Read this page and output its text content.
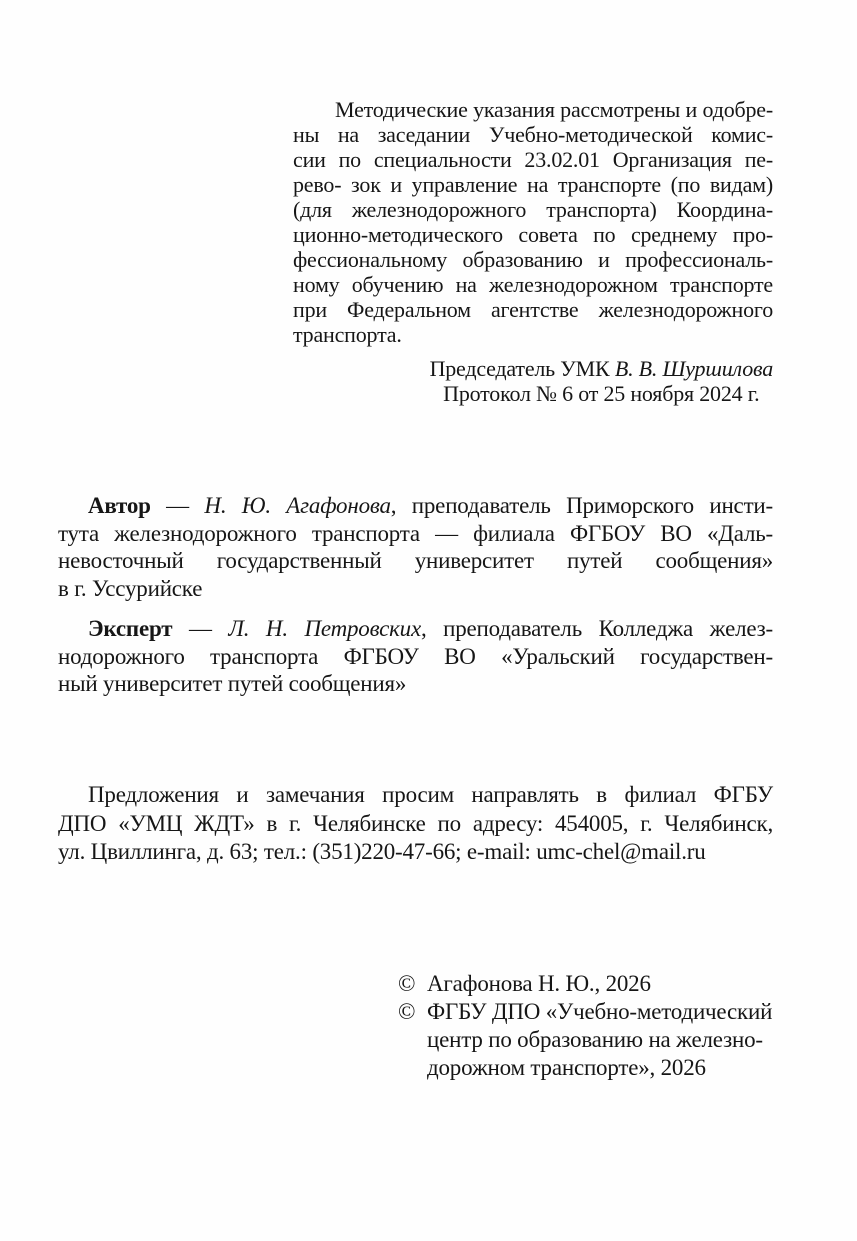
Методические указания рассмотрены и одобре-
ны на заседании Учебно-методической комис-
сии по специальности 23.02.01 Организация пе-
рево- зок и управление на транспорте (по видам)
(для железнодорожного транспорта) Координа-
ционно-методического совета по среднему про-
фессиональному образованию и профессиональ-
ному обучению на железнодорожном транспорте
при Федеральном агентстве железнодорожного
транспорта.
Председатель УМК В. В. Шуршилова
Протокол № 6 от 25 ноября 2024 г.
Автор — Н. Ю. Агафонова, преподаватель Приморского инсти-
тута железнодорожного транспорта — филиала ФГБОУ ВО «Даль-
невосточный государственный университет путей сообщения»
в г. Уссурийске
Эксперт — Л. Н. Петровских, преподаватель Колледжа желез-
нодорожного транспорта ФГБОУ ВО «Уральский государствен-
ный университет путей сообщения»
Предложения и замечания просим направлять в филиал ФГБУ
ДПО «УМЦ ЖДТ» в г. Челябинске по адресу: 454005, г. Челябинск,
ул. Цвиллинга, д. 63; тел.: (351)220-47-66; e-mail: umc-chel@mail.ru
© Агафонова Н. Ю., 2026
© ФГБУ ДПО «Учебно-методический
центр по образованию на железно-
дорожном транспорте», 2026
